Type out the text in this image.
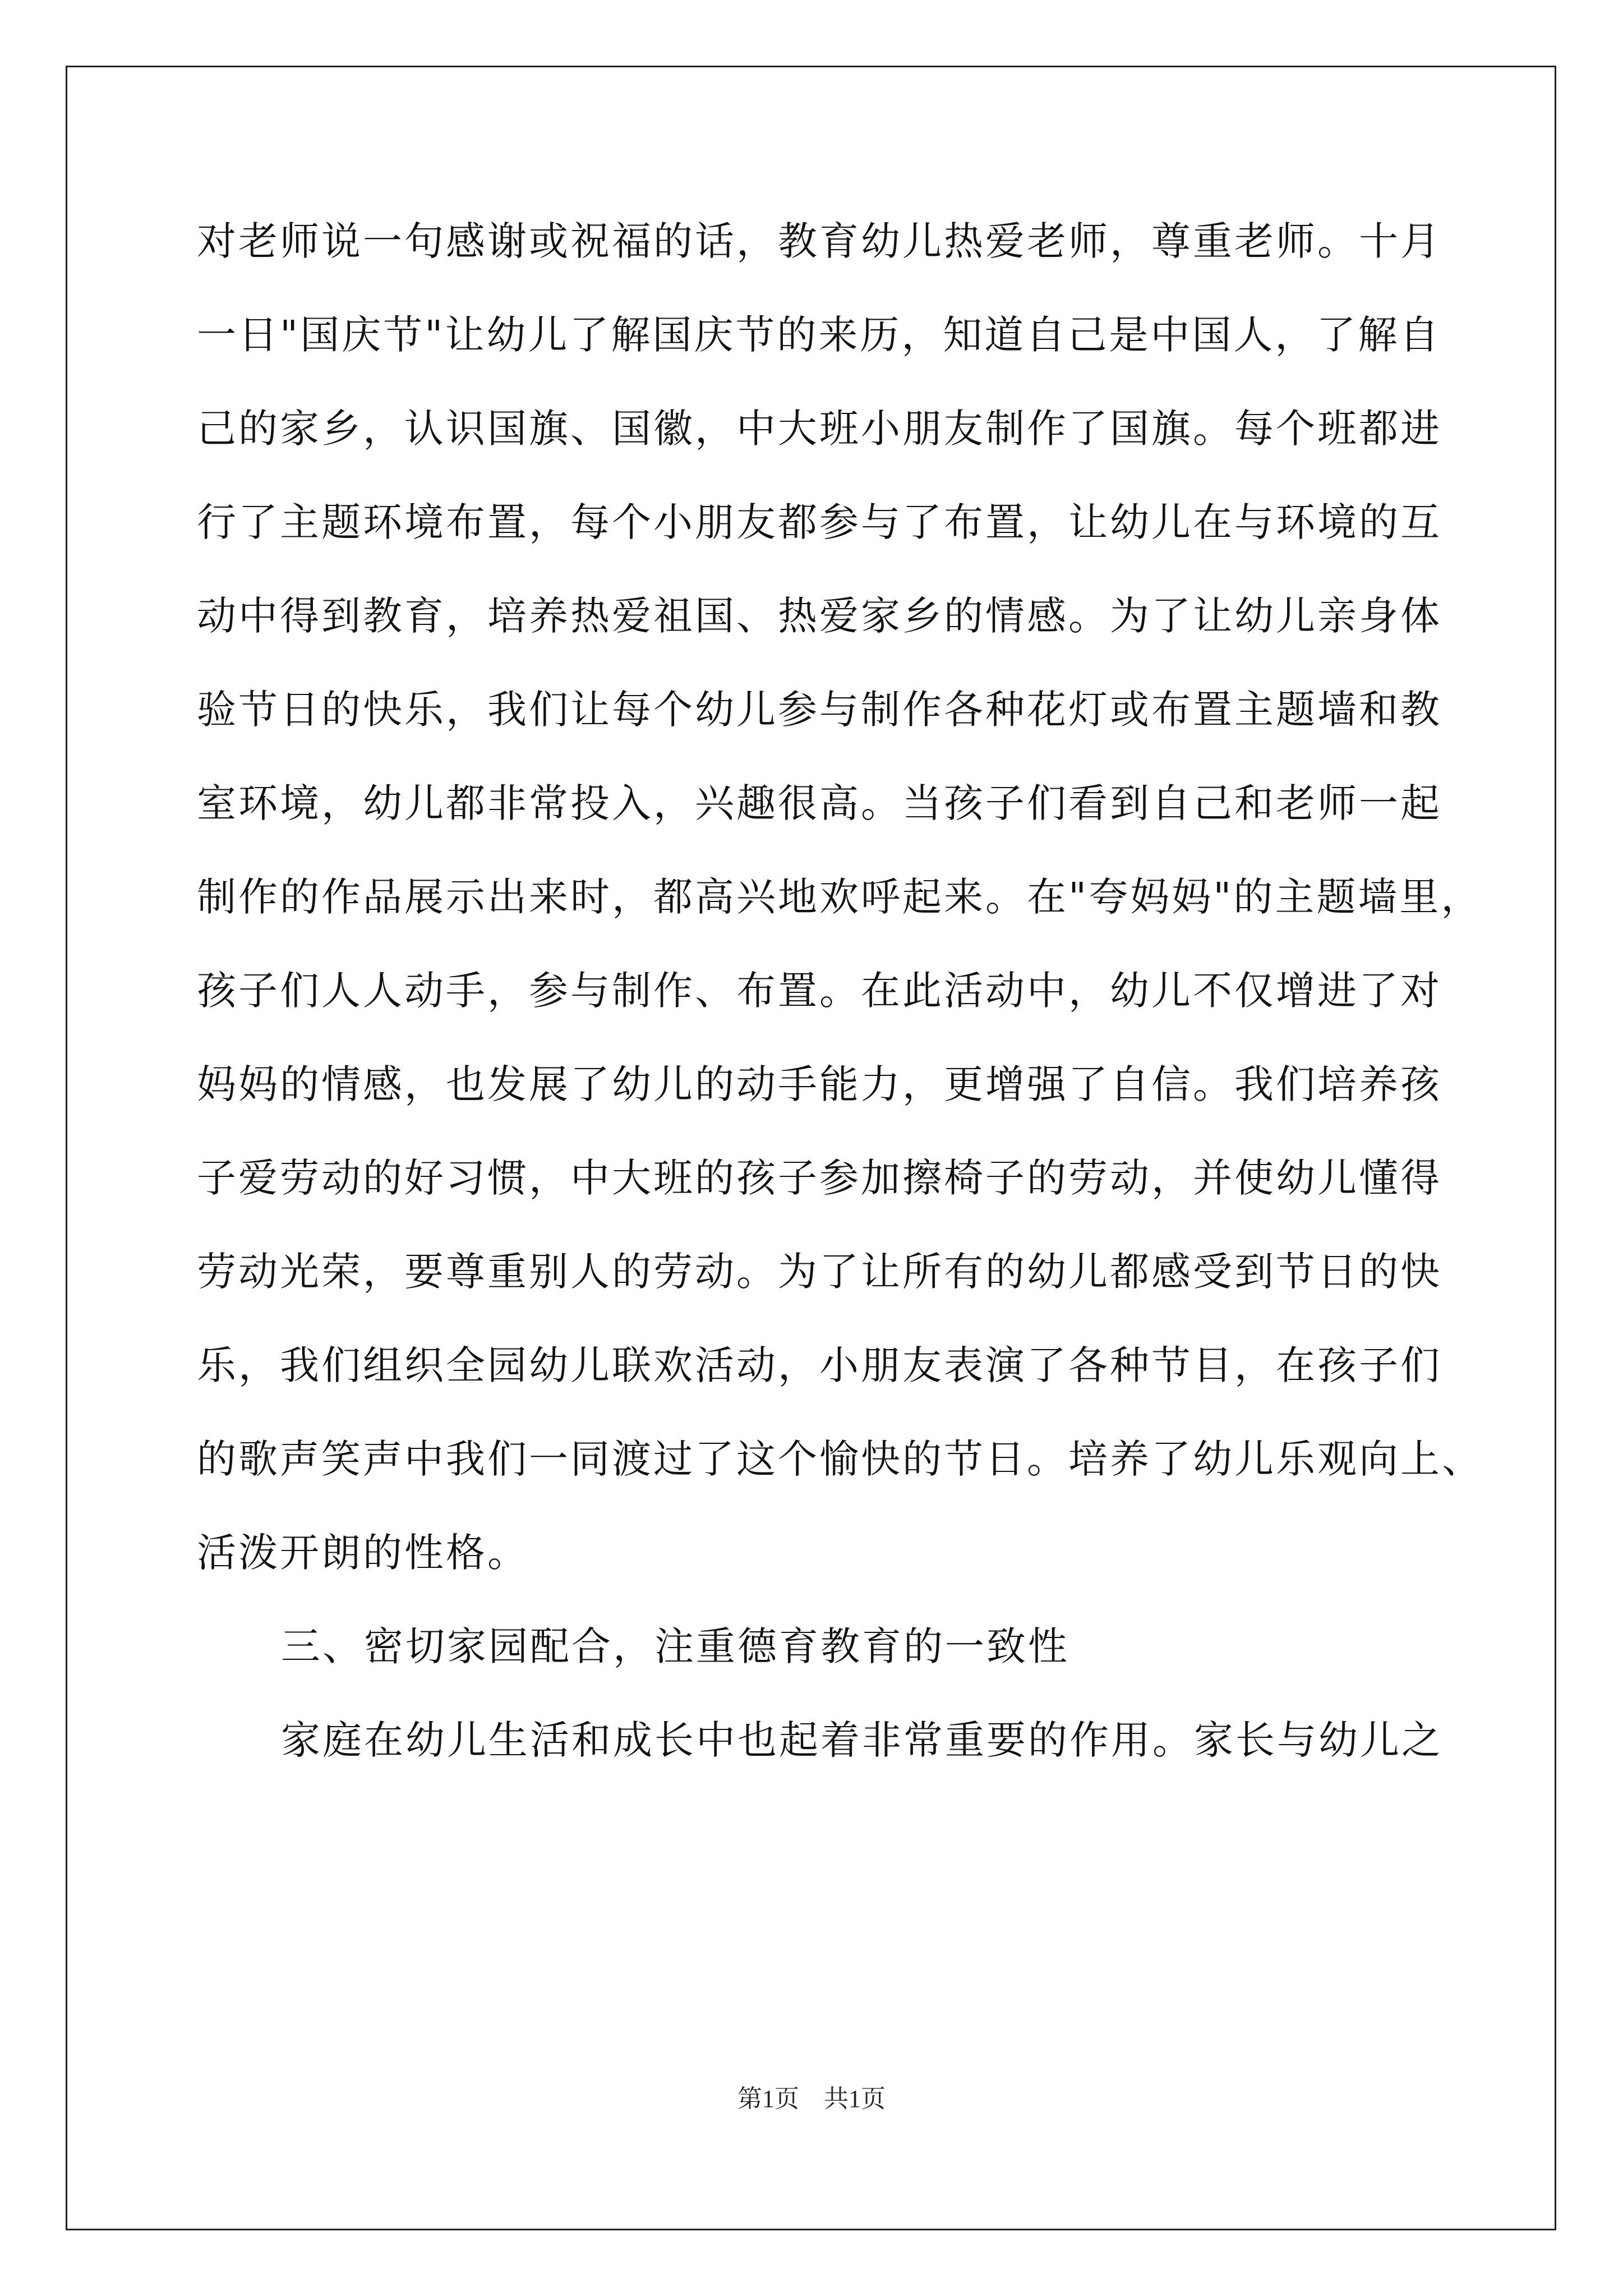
对老师说一句感谢或祝福的话，教育幼儿热爱老师，尊重老师。十月
一日"国庆节"让幼儿了解国庆节的来历，知道自己是中国人，了解自
己的家乡，认识国旗、国徽，中大班小朋友制作了国旗。每个班都进
行了主题环境布置，每个小朋友都参与了布置，让幼儿在与环境的互
动中得到教育，培养热爱祖国、热爱家乡的情感。为了让幼儿亲身体
验节日的快乐，我们让每个幼儿参与制作各种花灯或布置主题墙和教
室环境，幼儿都非常投入，兴趣很高。当孩子们看到自己和老师一起
制作的作品展示出来时，都高兴地欢呼起来。在"夸妈妈"的主题墙里，
孩子们人人动手，参与制作、布置。在此活动中，幼儿不仅增进了对
妈妈的情感，也发展了幼儿的动手能力，更增强了自信。我们培养孩
子爱劳动的好习惯，中大班的孩子参加擦椅子的劳动，并使幼儿懂得
劳动光荣，要尊重别人的劳动。为了让所有的幼儿都感受到节日的快
乐，我们组织全园幼儿联欢活动，小朋友表演了各种节目，在孩子们
的歌声笑声中我们一同渡过了这个愉快的节日。培养了幼儿乐观向上、
活泼开朗的性格。
三、密切家园配合，注重德育教育的一致性
家庭在幼儿生活和成长中也起着非常重要的作用。家长与幼儿之
第1页　共1页
